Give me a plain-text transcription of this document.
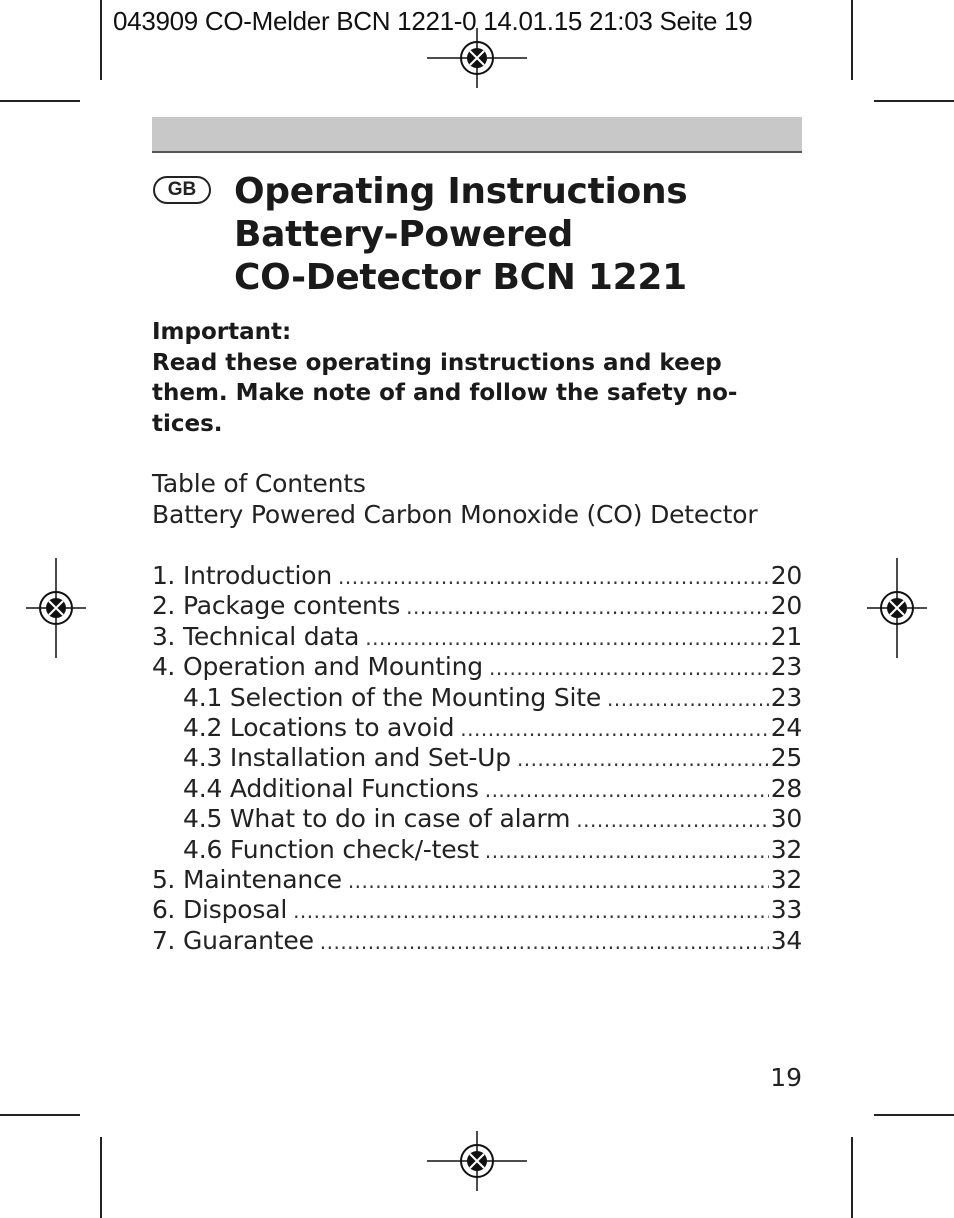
043909 CO-Melder BCN 1221-0 14.01.15 21:03 Seite 19
GB	Operating Instructions
Battery-Powered
CO-Detector BCN 1221
Important:
Read these operating instructions and keep
them. Make note of and follow the safety no-
tices.
Table of Contents
Battery Powered Carbon Monoxide (CO) Detector
1. Introduction .....	20
2. Package contents .....	20
3. Technical data .....	21
4. Operation and Mounting .....	23
4.1 Selection of the Mounting Site .....	23
4.2 Locations to avoid .....	24
4.3 Installation and Set-Up .....	25
4.4 Additional Functions .....	28
4.5 What to do in case of alarm .....	30
4.6 Function check/-test .....	32
5. Maintenance .....	32
6. Disposal .....	33
7. Guarantee .....	34
19
